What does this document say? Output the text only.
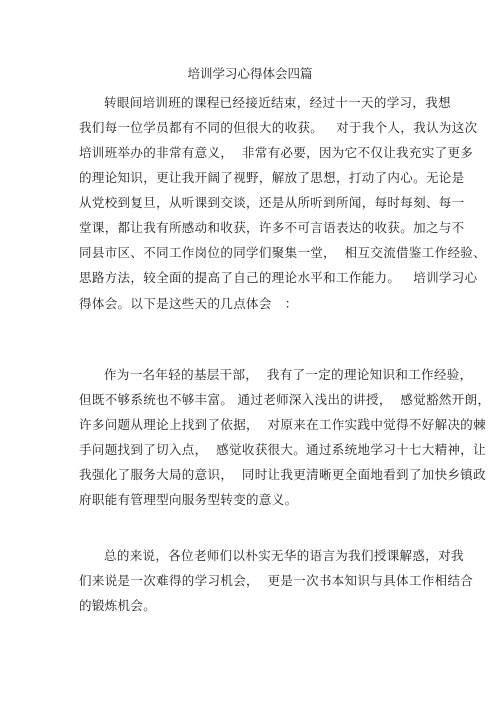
培训学习心得体会四篇
转眼间培训班的课程已经接近结束，经过十一天的学习，我想
我们每一位学员都有不同的但很大的收获。   对于我个人，我认为这次
培训班举办的非常有意义，  非常有必要，因为它不仅让我充实了更多
的理论知识，更让我开阔了视野，解放了思想，打动了内心。无论是
从党校到复旦，从听课到交谈，还是从所听到所闻，每时每刻、每一
堂课，都让我有所感动和收获，许多不可言语表达的收获。加之与不
同县市区、不同工作岗位的同学们聚集一堂，  相互交流借鉴工作经验、
思路方法，较全面的提高了自己的理论水平和工作能力。   培训学习心
得体会。以下是这些天的几点体会   ：
作为一名年轻的基层干部，  我有了一定的理论知识和工作经验，
但既不够系统也不够丰富。 通过老师深入浅出的讲授，  感觉豁然开朗，
许多问题从理论上找到了依据，  对原来在工作实践中觉得不好解决的棘
手问题找到了切入点，  感觉收获很大。通过系统地学习十七大精神，让
我强化了服务大局的意识，  同时让我更清晰更全面地看到了加快乡镇政
府职能有管理型向服务型转变的意义。
总的来说，各位老师们以朴实无华的语言为我们授课解惑，对我
们来说是一次难得的学习机会，  更是一次书本知识与具体工作相结合
的锻炼机会。
